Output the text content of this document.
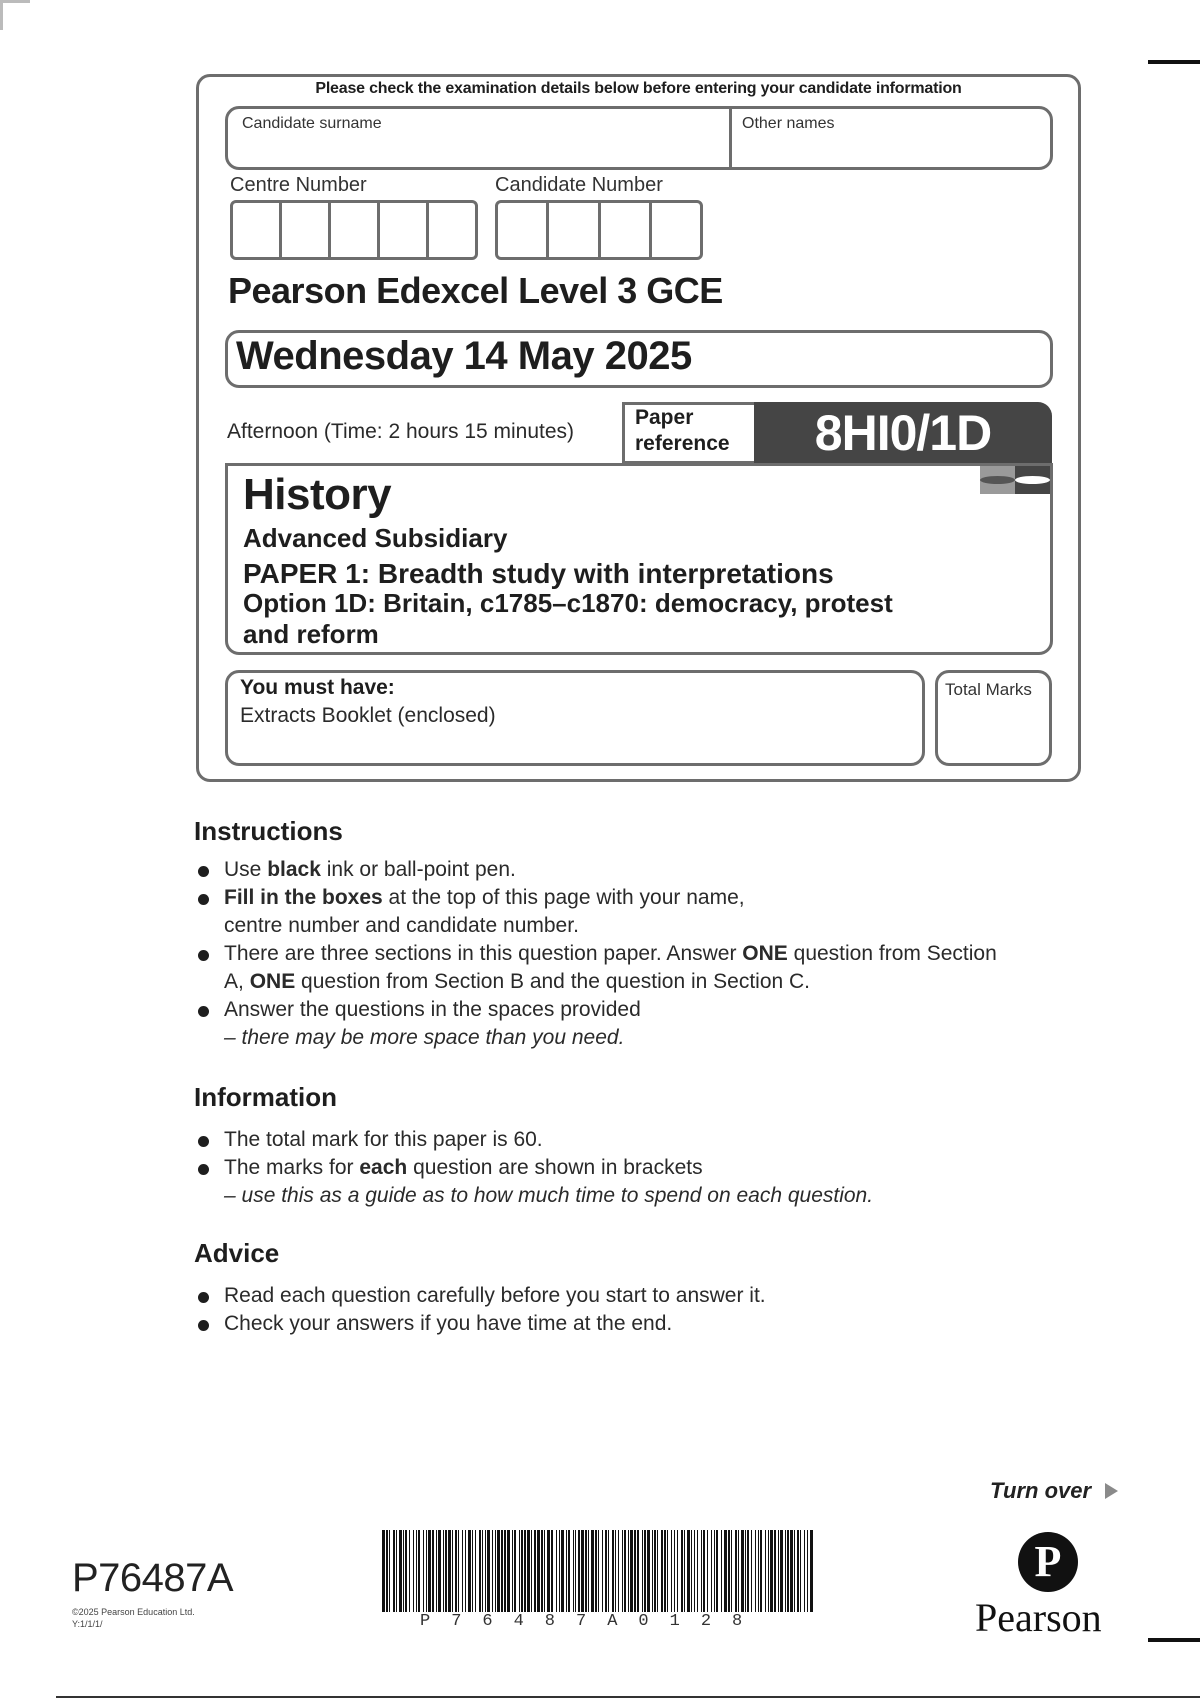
Please check the examination details below before entering your candidate information
Candidate surname	Other names
Centre Number	Candidate Number
Pearson Edexcel Level 3 GCE
Wednesday 14 May 2025
Afternoon (Time: 2 hours 15 minutes)
Paper
reference	8HI0/1D
History
Advanced Subsidiary
PAPER 1: Breadth study with interpretations
Option 1D: Britain, c1785–c1870: democracy, protest and reform
You must have:
Extracts Booklet (enclosed)
Total Marks
Instructions
Use black ink or ball-point pen.
Fill in the boxes at the top of this page with your name, centre number and candidate number.
There are three sections in this question paper. Answer ONE question from Section A, ONE question from Section B and the question in Section C.
Answer the questions in the spaces provided
– there may be more space than you need.
Information
The total mark for this paper is 60.
The marks for each question are shown in brackets
– use this as a guide as to how much time to spend on each question.
Advice
Read each question carefully before you start to answer it.
Check your answers if you have time at the end.
Turn over
P76487A
©2025 Pearson Education Ltd.
Y:1/1/1/	P76487A0128
P
Pearson
